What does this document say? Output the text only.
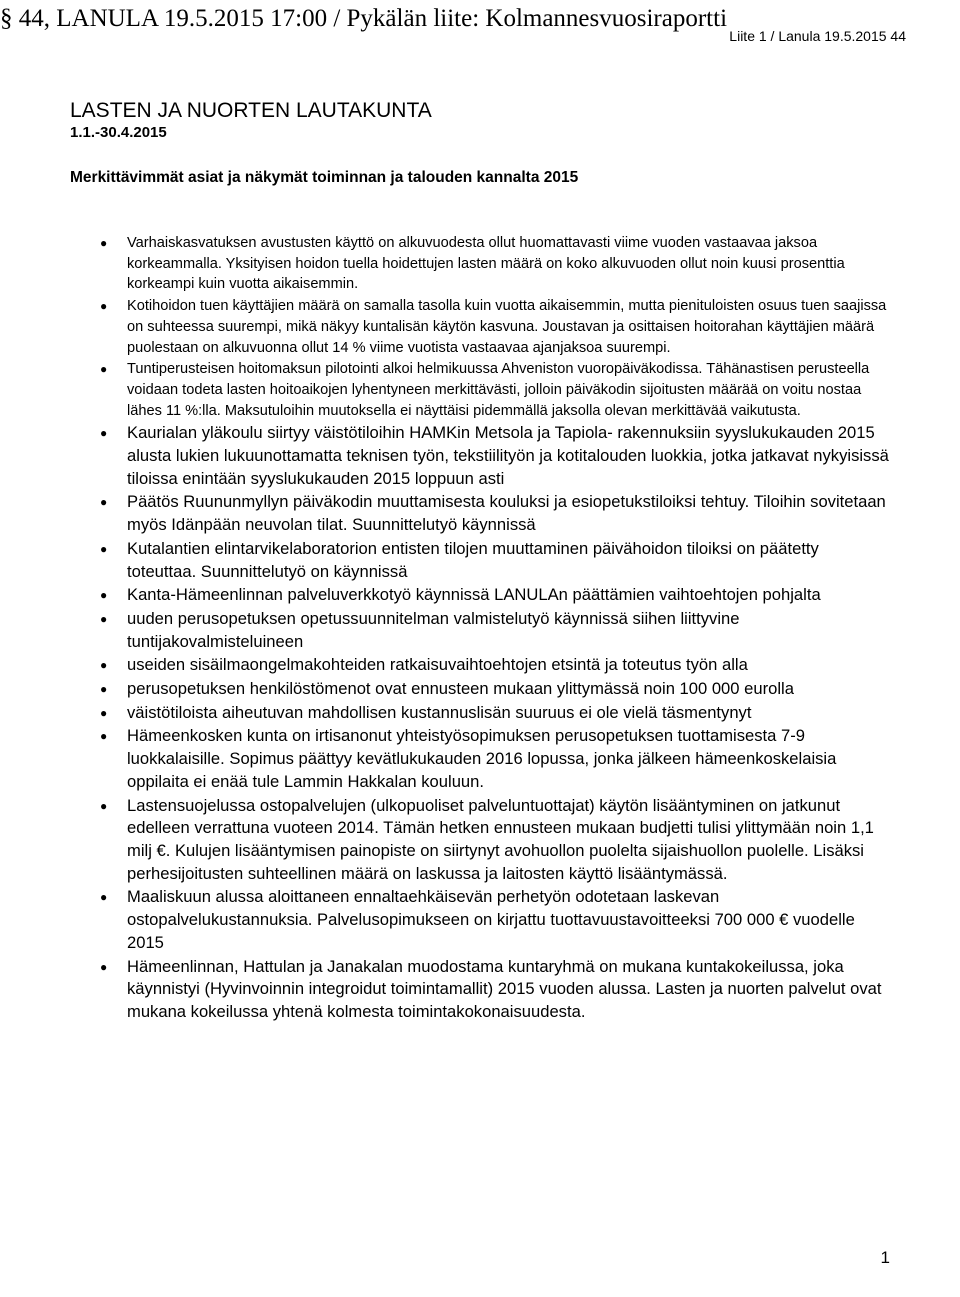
§ 44, LANULA 19.5.2015 17:00 / Pykälän liite: Kolmannesvuosiraportti
Liite 1 / Lanula 19.5.2015 44
LASTEN JA NUORTEN LAUTAKUNTA
1.1.-30.4.2015
Merkittävimmät asiat ja näkymät toiminnan ja talouden kannalta 2015
● Varhaiskasvatuksen avustusten käyttö on alkuvuodesta ollut huomattavasti viime vuoden vastaavaa jaksoa korkeammalla. Yksityisen hoidon tuella hoidettujen lasten määrä on koko alkuvuoden ollut noin kuusi prosenttia korkeampi kuin vuotta aikaisemmin.
● Kotihoidon tuen käyttäjien määrä on samalla tasolla kuin vuotta aikaisemmin, mutta pienituloisten osuus tuen saajissa on suhteessa suurempi, mikä näkyy kuntalisän käytön kasvuna. Joustavan ja osittaisen hoitorahan käyttäjien määrä puolestaan on alkuvuonna ollut 14 % viime vuotista vastaavaa ajanjaksoa suurempi.
● Tuntiperusteisen hoitomaksun pilotointi alkoi helmikuussa Ahveniston vuoropäiväkodissa. Tähänastisen perusteella voidaan todeta lasten hoitoaikojen lyhentyneen merkittävästi, jolloin päiväkodin sijoitusten määrää on voitu nostaa lähes 11 %:lla. Maksutuloihin muutoksella ei näyttäisi pidemmällä jaksolla olevan merkittävää vaikutusta.
● Kaurialan yläkoulu siirtyy väistötiloihin HAMKin Metsola ja Tapiola- rakennuksiin syyslukukauden 2015 alusta lukien lukuunottamatta teknisen työn, tekstiilityön ja kotitalouden luokkia, jotka jatkavat nykyisissä tiloissa enintään syyslukukauden 2015 loppuun asti
● Päätös Ruununmyllyn päiväkodin muuttamisesta kouluksi ja esiopetukstiloiksi tehtuy. Tiloihin sovitetaan myös Idänpään neuvolan tilat. Suunnittelutyö käynnissä
● Kutalantien elintarvikelaboratorion entisten tilojen muuttaminen päivähoidon tiloiksi on päätetty toteuttaa. Suunnittelutyö on käynnissä
● Kanta-Hämeenlinnan palveluverkkotyö käynnissä LANULAn päättämien vaihtoehtojen pohjalta
● uuden perusopetuksen opetussuunnitelman valmistelutyö käynnissä siihen liittyvine tuntijakovalmisteluineen
● useiden sisäilmaongelmakohteiden ratkaisuvaihtoehtojen etsintä ja toteutus työn alla
● perusopetuksen henkilöstömenot ovat ennusteen mukaan ylittymässä noin 100 000 eurolla
● väistötiloista aiheutuvan mahdollisen kustannuslisän suuruus ei ole vielä täsmentynyt
● Hämeenkosken kunta on irtisanonut yhteistyösopimuksen perusopetuksen tuottamisesta 7-9 luokkalaisille. Sopimus päättyy kevätlukukauden 2016 lopussa, jonka jälkeen hämeenkoskelaisia oppilaita ei enää tule Lammin Hakkalan kouluun.
● Lastensuojelussa ostopalvelujen (ulkopuoliset palveluntuottajat) käytön lisääntyminen on jatkunut edelleen verrattuna vuoteen 2014. Tämän hetken ennusteen mukaan budjetti tulisi ylittymään noin 1,1 milj €. Kulujen lisääntymisen painopiste on siirtynyt avohuollon puolelta sijaishuollon puolelle. Lisäksi perhesijoitusten suhteellinen määrä on laskussa ja laitosten käyttö lisääntymässä.
● Maaliskuun alussa aloittaneen ennaltaehkäisevän perhetyön odotetaan laskevan ostopalvelukustannuksia. Palvelusopimukseen on kirjattu tuottavuustavoitteeksi 700 000 € vuodelle 2015
● Hämeenlinnan, Hattulan ja Janakalan muodostama kuntaryhmä on mukana kuntakokeilussa, joka käynnistyi (Hyvinvoinnin integroidut toimintamallit) 2015 vuoden alussa. Lasten ja nuorten palvelut ovat mukana kokeilussa yhtenä kolmesta toimintakokonaisuudesta.
1
